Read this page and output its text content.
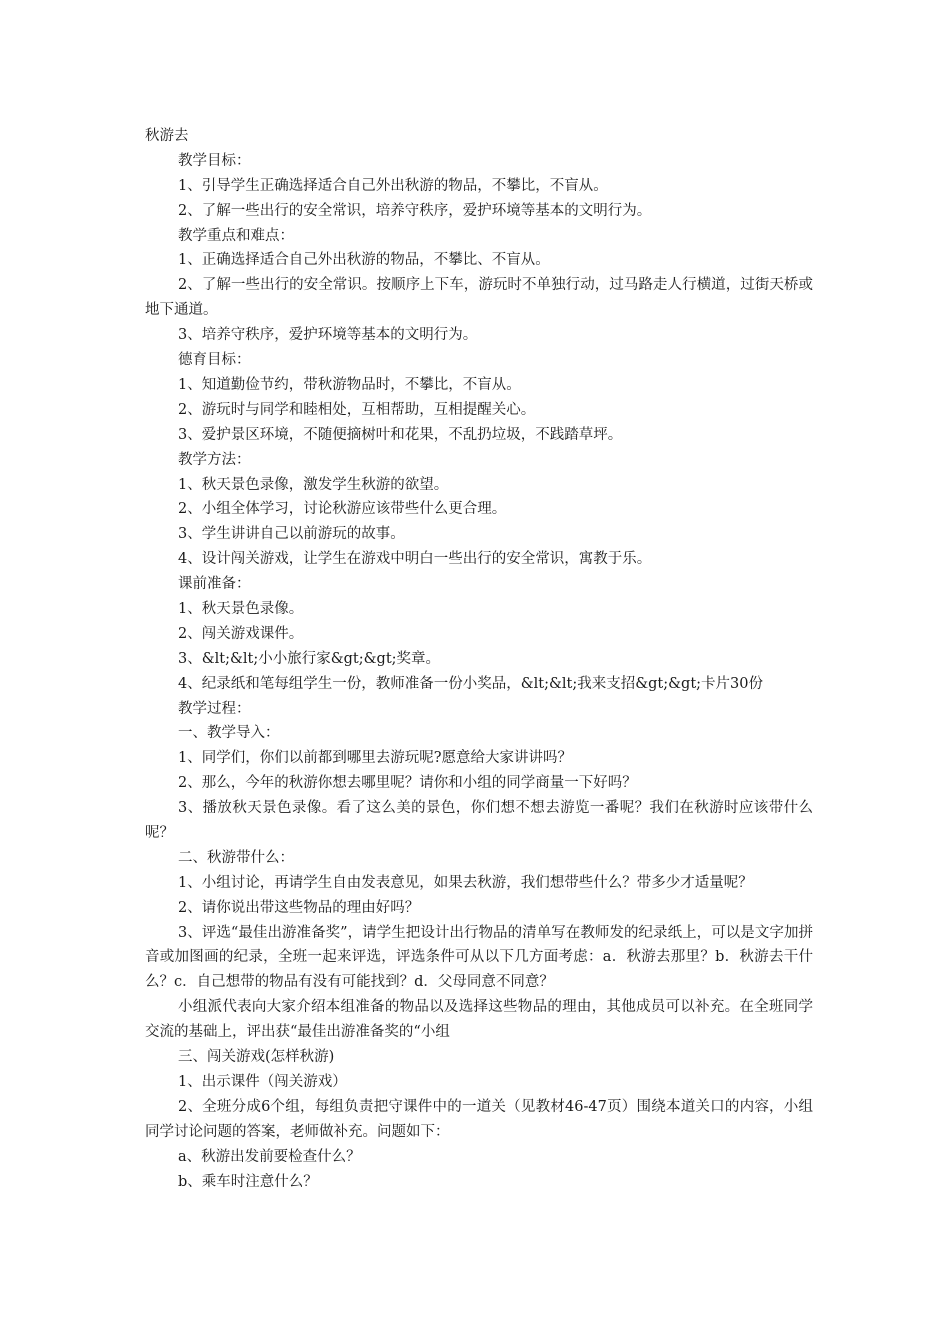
秋游去
教学目标：
1、引导学生正确选择适合自己外出秋游的物品，不攀比，不盲从。
2、了解一些出行的安全常识，培养守秩序，爱护环境等基本的文明行为。
教学重点和难点：
1、正确选择适合自己外出秋游的物品，不攀比、不盲从。

2、了解一些出行的安全常识。按顺序上下车，游玩时不单独行动，过马路走人行横道，过街天桥或地下通道。

3、培养守秩序，爱护环境等基本的文明行为。
德育目标：
1、知道勤俭节约，带秋游物品时，不攀比，不盲从。
2、游玩时与同学和睦相处，互相帮助，互相提醒关心。
3、爱护景区环境，不随便摘树叶和花果，不乱扔垃圾，不践踏草坪。
教学方法：
1、秋天景色录像，激发学生秋游的欲望。
2、小组全体学习，讨论秋游应该带些什么更合理。
3、学生讲讲自己以前游玩的故事。
4、设计闯关游戏，让学生在游戏中明白一些出行的安全常识，寓教于乐。
课前准备：
1、秋天景色录像。
2、闯关游戏课件。
3、&lt;&lt;小小旅行家&gt;&gt;奖章。

4、纪录纸和笔每组学生一份，教师准备一份小奖品，&lt;&lt;我来支招&gt;&gt;卡片30份

教学过程：
一、教学导入：
1、同学们，你们以前都到哪里去游玩呢?愿意给大家讲讲吗？
2、那么，今年的秋游你想去哪里呢？请你和小组的同学商量一下好吗？

3、播放秋天景色录像。看了这么美的景色，你们想不想去游览一番呢？我们在秋游时应该带什么呢？

二、秋游带什么：
1、小组讨论，再请学生自由发表意见，如果去秋游，我们想带些什么？带多少才适量呢？
2、请你说出带这些物品的理由好吗？

3、评选“最佳出游准备奖”，请学生把设计出行物品的清单写在教师发的纪录纸上，可以是文字加拼音或加图画的纪录，全班一起来评选，评选条件可从以下几方面考虑：a．秋游去那里？b．秋游去干什么？c．自己想带的物品有没有可能找到？d．父母同意不同意？

小组派代表向大家介绍本组准备的物品以及选择这些物品的理由，其他成员可以补充。在全班同学交流的基础上，评出获“最佳出游准备奖的“小组

三、闯关游戏(怎样秋游)
1、出示课件（闯关游戏）

2、全班分成6个组，每组负责把守课件中的一道关（见教材46-47页）围绕本道关口的内容，小组同学讨论问题的答案，老师做补充。问题如下：

a、秋游出发前要检查什么？
b、乘车时注意什么？
